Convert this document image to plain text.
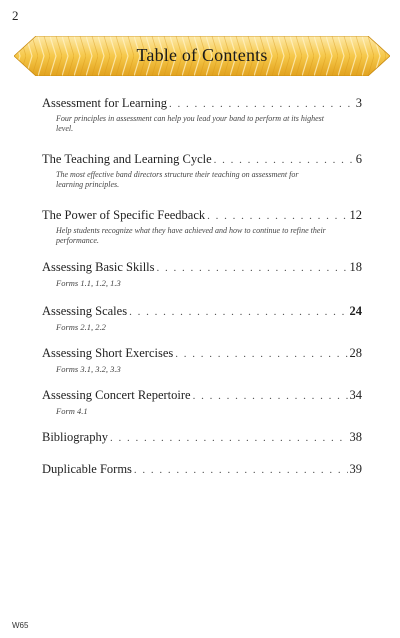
2
Table of Contents
Assessment for Learning . . .	3
Four principles in assessment can help you lead your band to perform at its highest level.
The Teaching and Learning Cycle . . .	6
The most effective band directors structure their teaching on assessment for learning principles.
The Power of Specific Feedback . . .	12
Help students recognize what they have achieved and how to continue to refine their performance.
Assessing Basic Skills . . .	18
Forms 1.1, 1.2, 1.3
Assessing Scales . . .	24
Forms 2.1, 2.2
Assessing Short Exercises . . .	28
Forms 3.1, 3.2, 3.3
Assessing Concert Repertoire . . .	34
Form 4.1
Bibliography . . .	38
Duplicable Forms . . .	39
W65
